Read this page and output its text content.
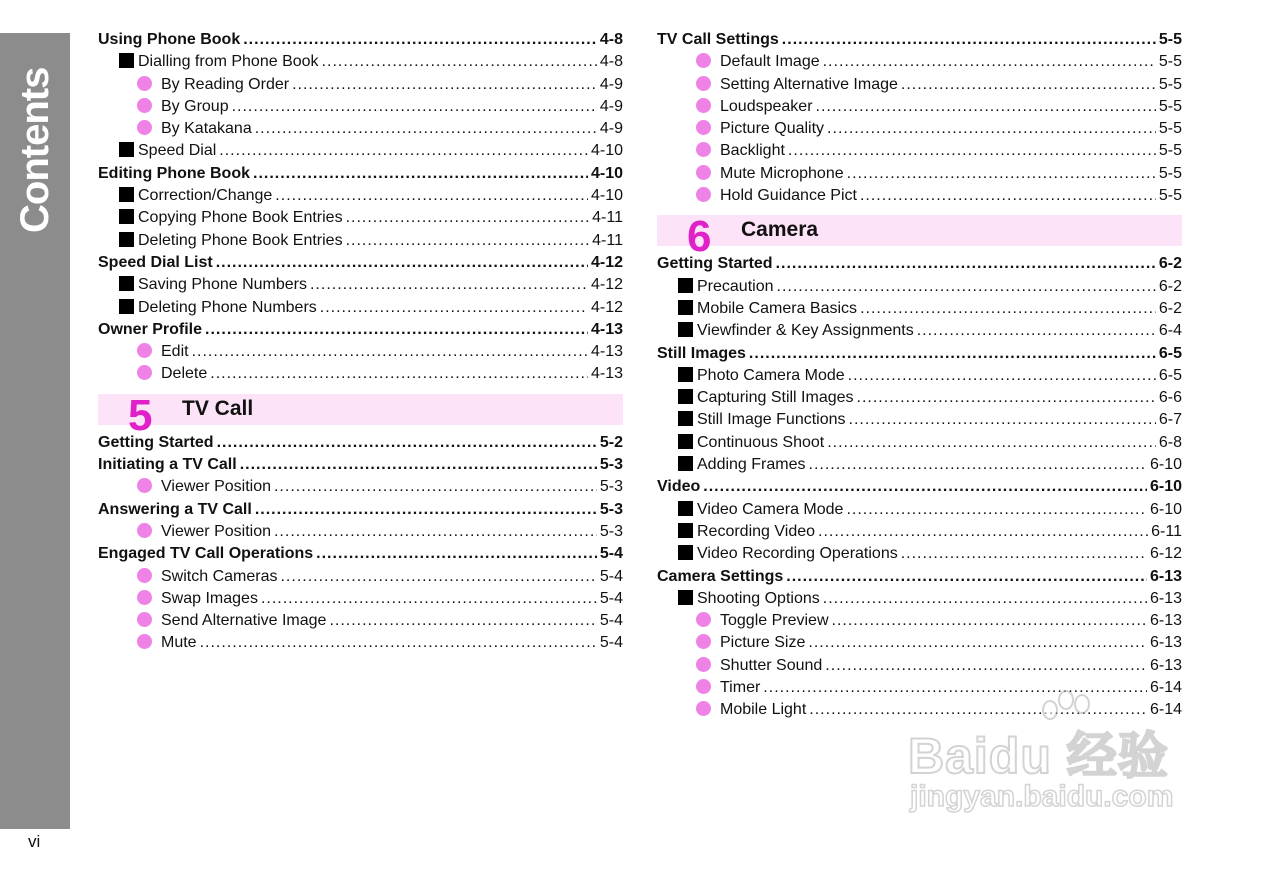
Contents
Using Phone Book .....	4-8
Dialling from Phone Book .....	4-8
By Reading Order .....	4-9
By Group .....	4-9
By Katakana .....	4-9
Speed Dial .....	4-10
Editing Phone Book .....	4-10
Correction/Change .....	4-10
Copying Phone Book Entries .....	4-11
Deleting Phone Book Entries .....	4-11
Speed Dial List .....	4-12
Saving Phone Numbers .....	4-12
Deleting Phone Numbers .....	4-12
Owner Profile .....	4-13
Edit .....	4-13
Delete .....	4-13
5 TV Call
Getting Started .....	5-2
Initiating a TV Call .....	5-3
Viewer Position .....	5-3
Answering a TV Call .....	5-3
Viewer Position .....	5-3
Engaged TV Call Operations .....	5-4
Switch Cameras .....	5-4
Swap Images .....	5-4
Send Alternative Image .....	5-4
Mute .....	5-4
TV Call Settings .....	5-5
Default Image .....	5-5
Setting Alternative Image .....	5-5
Loudspeaker .....	5-5
Picture Quality .....	5-5
Backlight .....	5-5
Mute Microphone .....	5-5
Hold Guidance Pict .....	5-5
6 Camera
Getting Started .....	6-2
Precaution .....	6-2
Mobile Camera Basics .....	6-2
Viewfinder & Key Assignments .....	6-4
Still Images .....	6-5
Photo Camera Mode .....	6-5
Capturing Still Images .....	6-6
Still Image Functions .....	6-7
Continuous Shoot .....	6-8
Adding Frames .....	6-10
Video .....	6-10
Video Camera Mode .....	6-10
Recording Video .....	6-11
Video Recording Operations .....	6-12
Camera Settings .....	6-13
Shooting Options .....	6-13
Toggle Preview .....	6-13
Picture Size .....	6-13
Shutter Sound .....	6-13
Timer .....	6-14
Mobile Light .....	6-14
vi
Baidu 经验
jingyan.baidu.com
